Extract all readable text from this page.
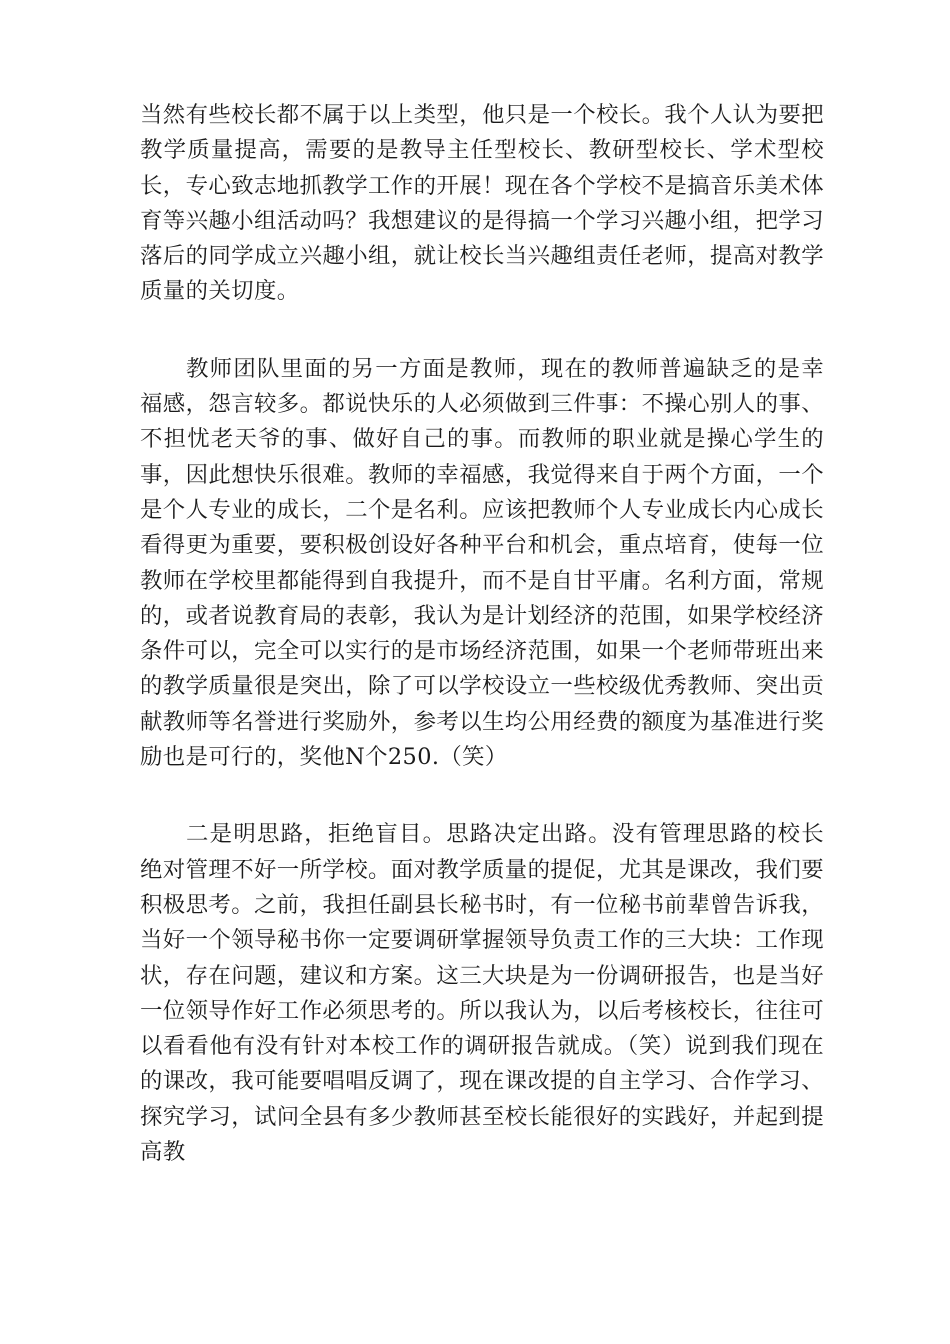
当然有些校长都不属于以上类型，他只是一个校长。我个人认为要把教学质量提高，需要的是教导主任型校长、教研型校长、学术型校长，专心致志地抓教学工作的开展！现在各个学校不是搞音乐美术体育等兴趣小组活动吗？我想建议的是得搞一个学习兴趣小组，把学习落后的同学成立兴趣小组，就让校长当兴趣组责任老师，提高对教学质量的关切度。

教师团队里面的另一方面是教师，现在的教师普遍缺乏的是幸福感，怨言较多。都说快乐的人必须做到三件事：不操心别人的事、不担忧老天爷的事、做好自己的事。而教师的职业就是操心学生的事，因此想快乐很难。教师的幸福感，我觉得来自于两个方面，一个是个人专业的成长，二个是名利。应该把教师个人专业成长内心成长看得更为重要，要积极创设好各种平台和机会，重点培育，使每一位教师在学校里都能得到自我提升，而不是自甘平庸。名利方面，常规的，或者说教育局的表彰，我认为是计划经济的范围，如果学校经济条件可以，完全可以实行的是市场经济范围，如果一个老师带班出来的教学质量很是突出，除了可以学校设立一些校级优秀教师、突出贡献教师等名誉进行奖励外，参考以生均公用经费的额度为基准进行奖励也是可行的，奖他N个250.（笑）

二是明思路，拒绝盲目。思路决定出路。没有管理思路的校长绝对管理不好一所学校。面对教学质量的提促，尤其是课改，我们要积极思考。之前，我担任副县长秘书时，有一位秘书前辈曾告诉我，当好一个领导秘书你一定要调研掌握领导负责工作的三大块：工作现状，存在问题，建议和方案。这三大块是为一份调研报告，也是当好一位领导作好工作必须思考的。所以我认为，以后考核校长，往往可以看看他有没有针对本校工作的调研报告就成。（笑）说到我们现在的课改，我可能要唱唱反调了，现在课改提的自主学习、合作学习、探究学习，试问全县有多少教师甚至校长能很好的实践好，并起到提高教
